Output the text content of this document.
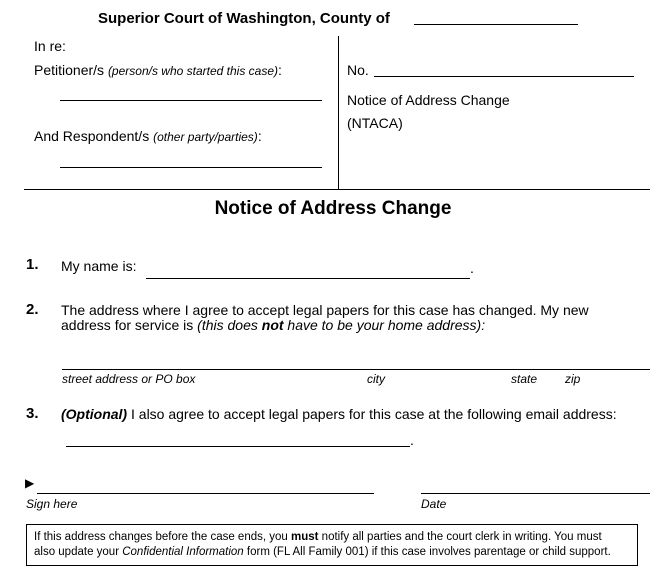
Superior Court of Washington, County of
In re:
Petitioner/s (person/s who started this case):
And Respondent/s (other party/parties):
No.
Notice of Address Change
(NTACA)
Notice of Address Change
1. My name is:	.
2. The address where I agree to accept legal papers for this case has changed. My new
address for service is (this does not have to be your home address):
street address or PO box	city	state zip
3. (Optional) I also agree to accept legal papers for this case at the following email address:
.
▶
Sign here	Date
If this address changes before the case ends, you must notify all parties and the court clerk in writing. You must
also update your Confidential Information form (FL All Family 001) if this case involves parentage or child support.
